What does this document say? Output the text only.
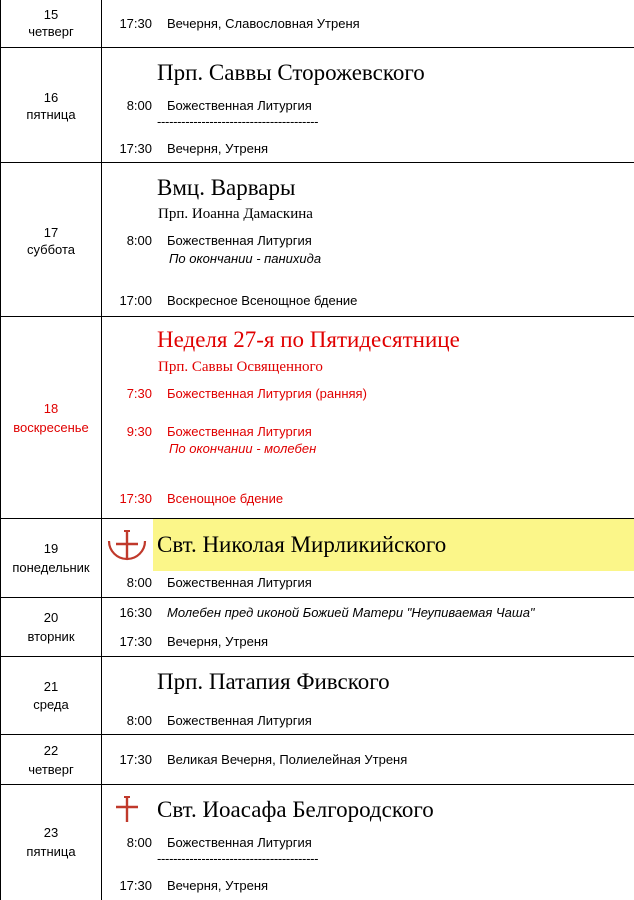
15
четверг
17:30 Вечерня, Славословная Утреня
16
пятница
Прп. Саввы Сторожевского
8:00 Божественная Литургия
----------------------------------------
17:30 Вечерня, Утреня
17
суббота
Вмц. Варвары
Прп. Иоанна Дамаскина
8:00 Божественная Литургия
По окончании - панихида
17:00 Воскресное Всенощное бдение
18
воскресенье
Неделя 27-я по Пятидесятнице
Прп. Саввы Освященного
7:30 Божественная Литургия (ранняя)
9:30 Божественная Литургия
По окончании - молебен
17:30 Всенощное бдение
19
понедельник
Свт. Николая Мирликийского
8:00 Божественная Литургия
20
вторник
16:30 Молебен пред иконой Божией Матери "Неупиваемая Чаша"
17:30 Вечерня, Утреня
21
среда
Прп. Патапия Фивского
8:00 Божественная Литургия
22
четверг
17:30 Великая Вечерня, Полиелейная Утреня
23
пятница
Свт. Иоасафа Белгородского
8:00 Божественная Литургия
----------------------------------------
17:30 Вечерня, Утреня
